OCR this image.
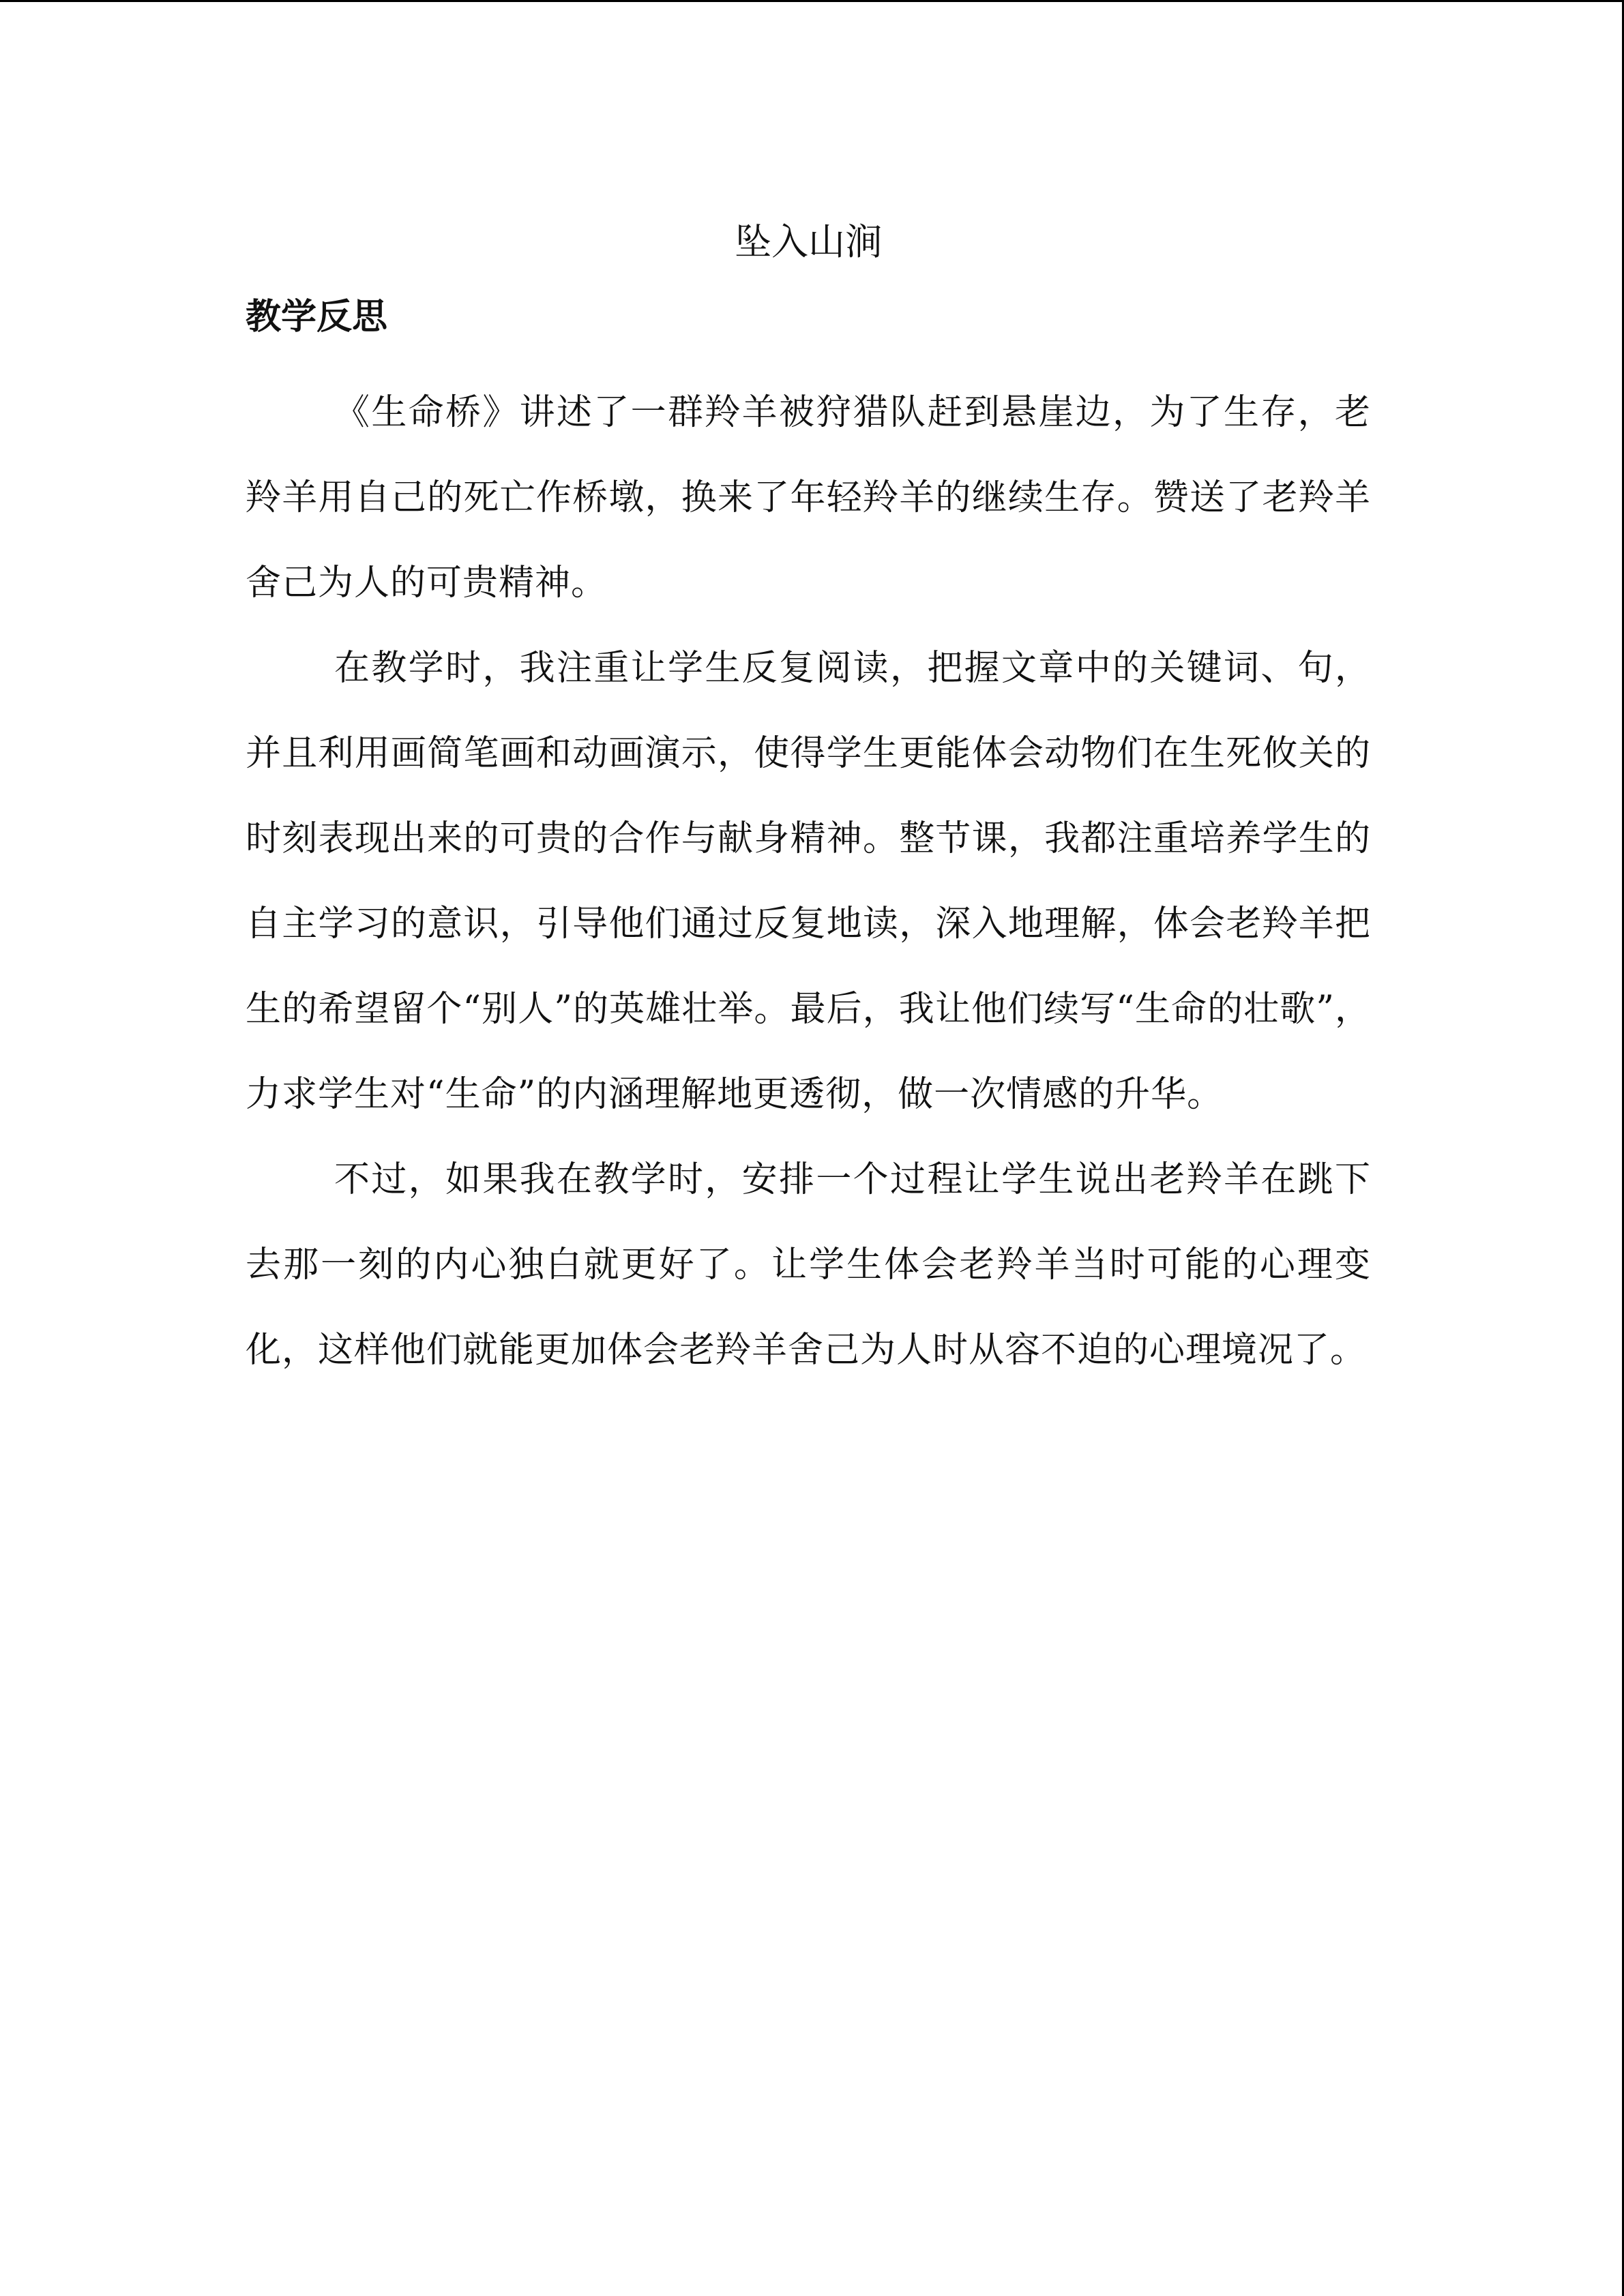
坠入山涧
教学反思

《生命桥》讲述了一群羚羊被狩猎队赶到悬崖边，为了生存，老羚羊用自己的死亡作桥墩，换来了年轻羚羊的继续生存。赞送了老羚羊舍己为人的可贵精神。

在教学时，我注重让学生反复阅读，把握文章中的关键词、句，并且利用画简笔画和动画演示，使得学生更能体会动物们在生死攸关的时刻表现出来的可贵的合作与献身精神。整节课，我都注重培养学生的自主学习的意识，引导他们通过反复地读，深入地理解，体会老羚羊把生的希望留个“别人”的英雄壮举。最后，我让他们续写“生命的壮歌”，力求学生对“生命”的内涵理解地更透彻，做一次情感的升华。

不过，如果我在教学时，安排一个过程让学生说出老羚羊在跳下去那一刻的内心独白就更好了。让学生体会老羚羊当时可能的心理变化，这样他们就能更加体会老羚羊舍己为人时从容不迫的心理境况了。
